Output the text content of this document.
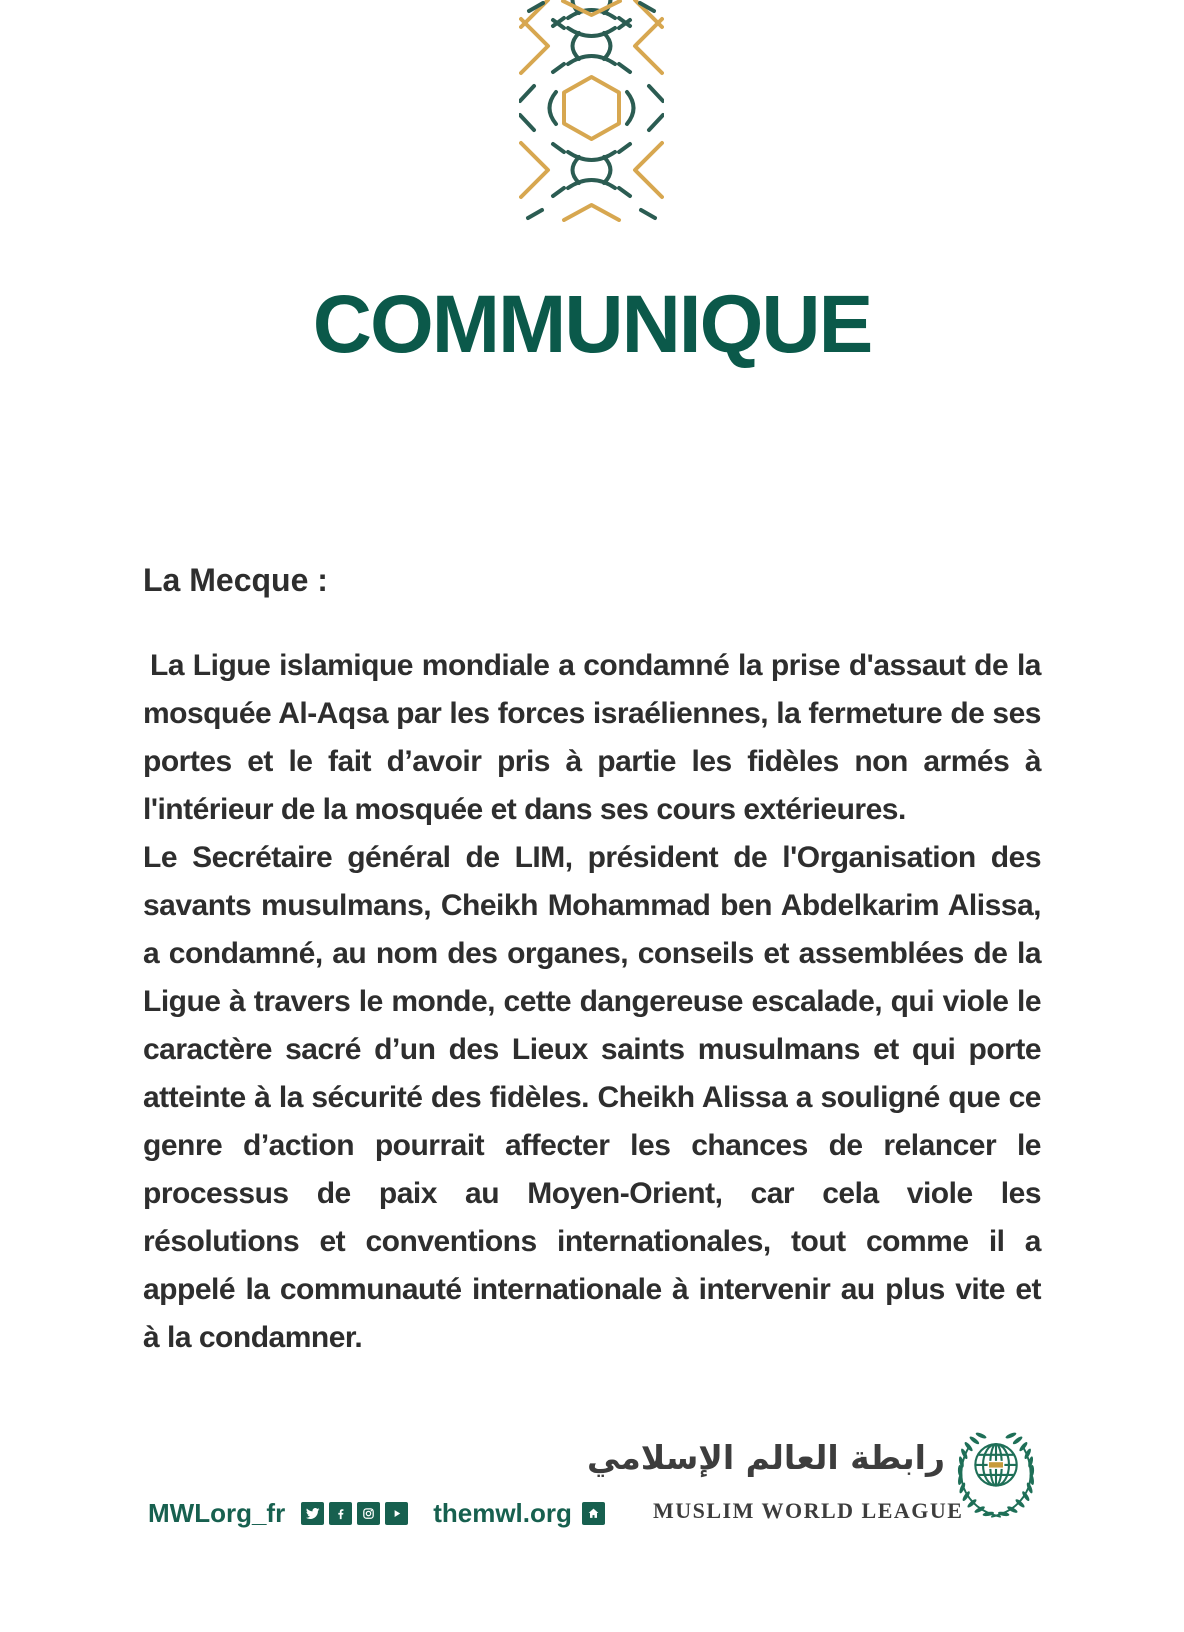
COMMUNIQUE

La Mecque :

La Ligue islamique mondiale a condamné la prise d'assaut de la mosquée Al-Aqsa par les forces israéliennes, la fermeture de ses portes et le fait d’avoir pris à partie les fidèles non armés à l'intérieur de la mosquée et dans ses cours extérieures.

Le Secrétaire général de LIM, président de l'Organisation des savants musulmans, Cheikh Mohammad ben Abdelkarim Alissa, a condamné, au nom des organes, conseils et assemblées de la Ligue à travers le monde, cette dangereuse escalade, qui viole le caractère sacré d’un des Lieux saints musulmans et qui porte atteinte à la sécurité des fidèles. Cheikh Alissa a souligné que ce genre d’action pourrait affecter les chances de relancer le processus de paix au Moyen-Orient, car cela viole les résolutions et conventions internationales, tout comme il a appelé la communauté internationale à intervenir au plus vite et à la condamner.

MWLorg_fr	themwl.org
رابطة العالم الإسلامي
MUSLIM WORLD LEAGUE
